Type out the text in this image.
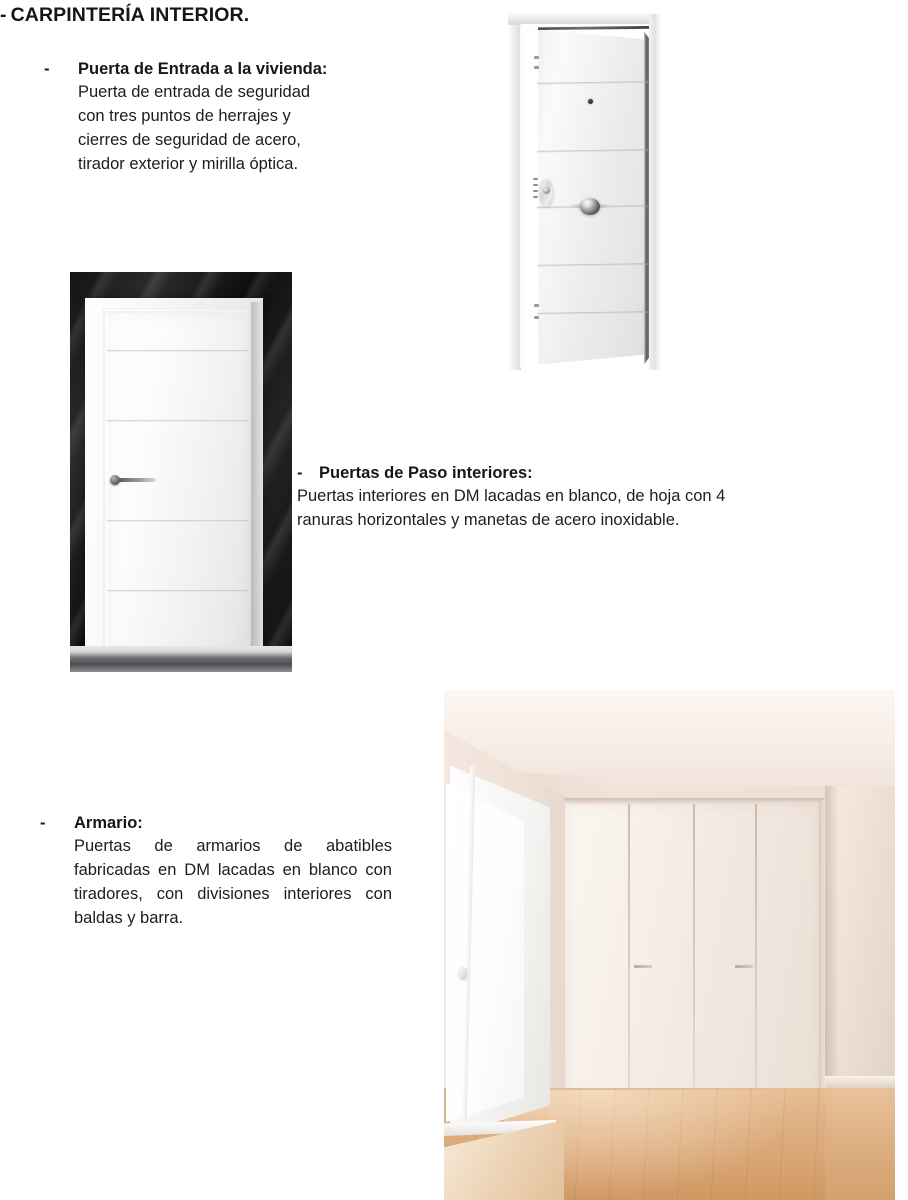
- CARPINTERÍA INTERIOR.
- Puerta de Entrada a la vivienda:
Puerta de entrada de seguridad
con tres puntos de herrajes y
cierres de seguridad de acero,
tirador exterior y mirilla óptica.
- Puertas de Paso interiores:
Puertas interiores en DM lacadas en blanco, de hoja con 4
ranuras horizontales y manetas de acero inoxidable.
- Armario:
Puertas de armarios de abatibles
fabricadas en DM lacadas en blanco con
tiradores, con divisiones interiores con
baldas y barra.
